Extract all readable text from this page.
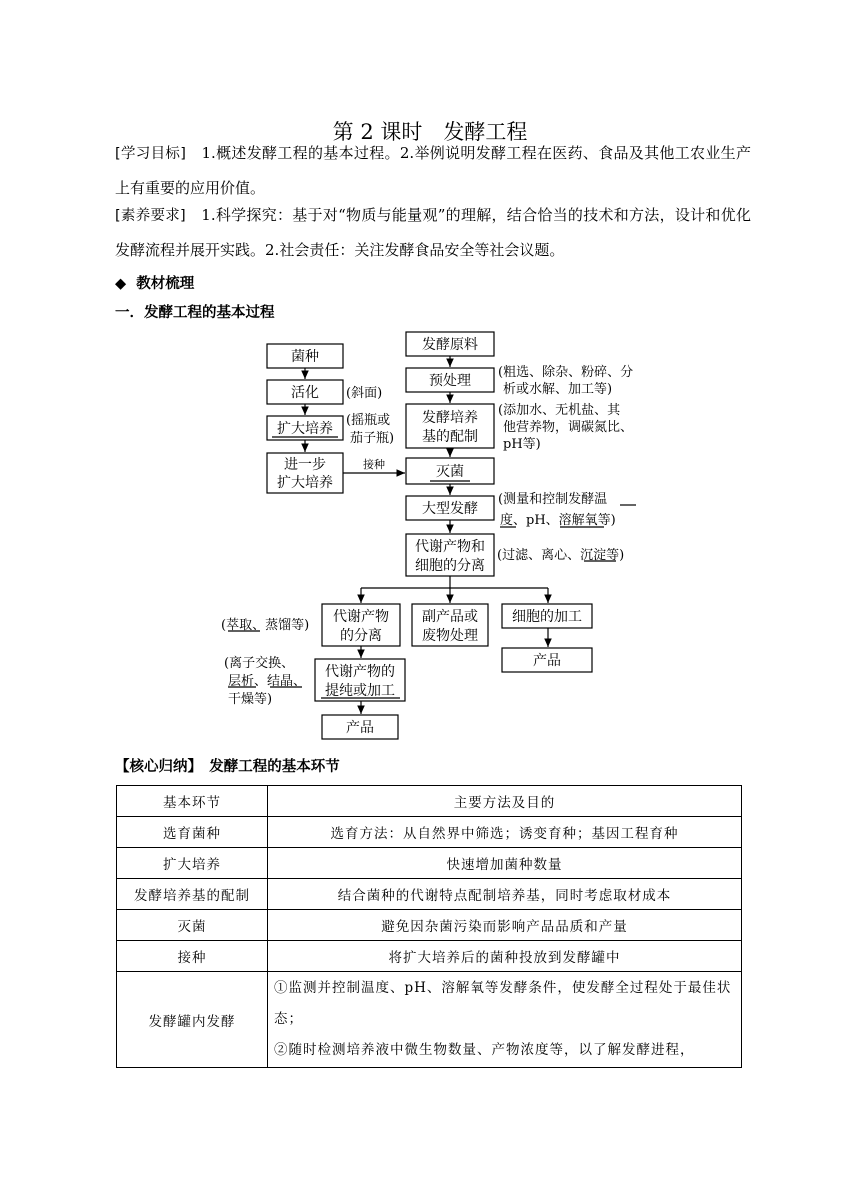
第 2 课时　发酵工程
[学习目标]　1.概述发酵工程的基本过程。2.举例说明发酵工程在医药、食品及其他工农业生产上有重要的应用价值。
[素养要求]　1.科学探究：基于对“物质与能量观”的理解，结合恰当的技术和方法，设计和优化发酵流程并展开实践。2.社会责任：关注发酵食品安全等社会议题。
◆ 教材梳理
一．发酵工程的基本过程
菌种
活化 (斜面)
扩大培养
(摇瓶或
茄子瓶)
进一步
扩大培养
接种
发酵原料
预处理
(粗选、除杂、粉碎、分
析或水解、加工等)
发酵培养
基的配制
(添加水、无机盐、其
他营养物，调碳氮比、
pH等)
灭菌
大型发酵
(测量和控制发酵温
度、pH、溶解氧等)
代谢产物和
细胞的分离
(过滤、离心、沉淀等)
代谢产物
的分离
(萃取、蒸馏等)
副产品或
废物处理
细胞的加工
产品
代谢产物的
提纯或加工
(离子交换、
层析、结晶、
干燥等)
产品
【核心归纳】　发酵工程的基本环节
基本环节	主要方法及目的
选育菌种	选育方法：从自然界中筛选；诱变育种；基因工程育种
扩大培养	快速增加菌种数量
发酵培养基的配制	结合菌种的代谢特点配制培养基，同时考虑取材成本
灭菌	避免因杂菌污染而影响产品品质和产量
接种	将扩大培养后的菌种投放到发酵罐中
发酵罐内发酵	①监测并控制温度、pH、溶解氧等发酵条件，使发酵全过程处于最佳状态；
②随时检测培养液中微生物数量、产物浓度等，以了解发酵进程，
